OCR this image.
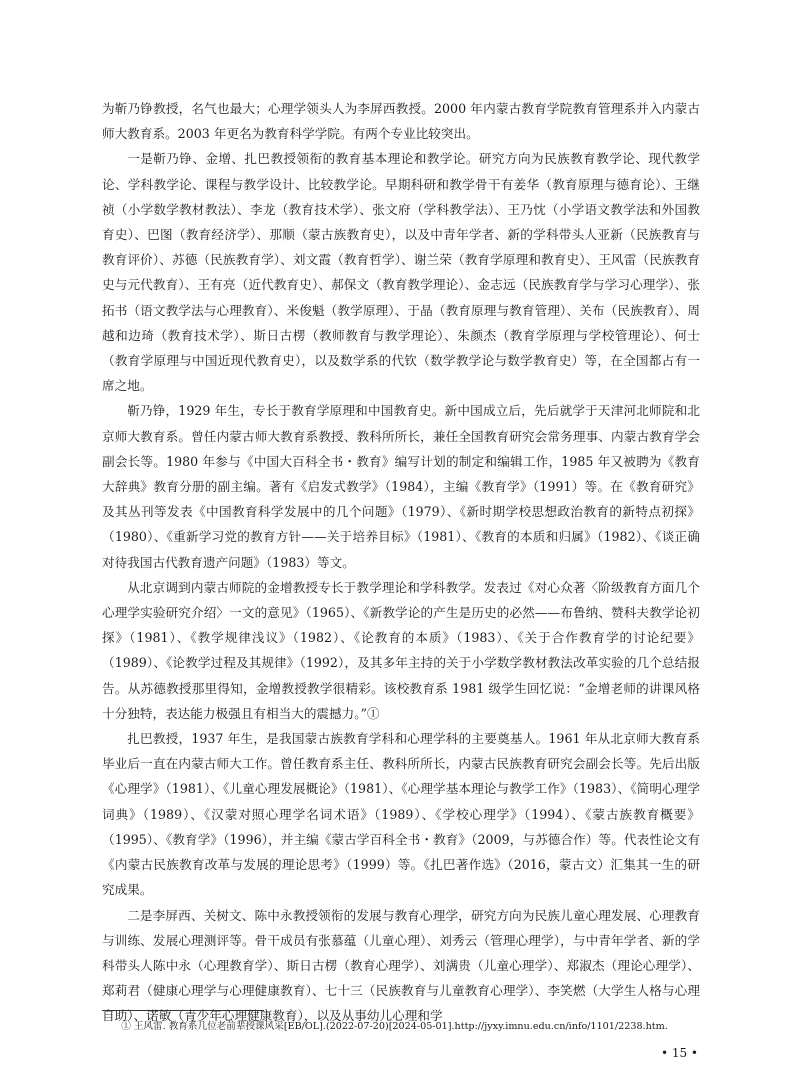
为靳乃铮教授，名气也最大；心理学领头人为李屏西教授。2000 年内蒙古教育学院教育管理系并入内蒙古师大教育系。2003 年更名为教育科学学院。有两个专业比较突出。

一是靳乃铮、金增、扎巴教授领衔的教育基本理论和教学论。研究方向为民族教育教学论、现代教学论、学科教学论、课程与教学设计、比较教学论。早期科研和教学骨干有姜华（教育原理与德育论）、王继祯（小学数学教材教法）、李龙（教育技术学）、张文府（学科教学法）、王乃忱（小学语文教学法和外国教育史）、巴图（教育经济学）、那顺（蒙古族教育史），以及中青年学者、新的学科带头人亚新（民族教育与教育评价）、苏德（民族教育学）、刘文霞（教育哲学）、谢兰荣（教育学原理和教育史）、王风雷（民族教育史与元代教育）、王有亮（近代教育史）、郝保文（教育教学理论）、金志远（民族教育学与学习心理学）、张拓书（语文教学法与心理教育）、米俊魁（教学原理）、于晶（教育原理与教育管理）、关布（民族教育）、周越和边琦（教育技术学）、斯日古楞（教师教育与教学理论）、朱颜杰（教育学原理与学校管理论）、何士（教育学原理与中国近现代教育史），以及数学系的代钦（数学教学论与数学教育史）等，在全国都占有一席之地。

靳乃铮，1929 年生，专长于教育学原理和中国教育史。新中国成立后，先后就学于天津河北师院和北京师大教育系。曾任内蒙古师大教育系教授、教科所所长，兼任全国教育研究会常务理事、内蒙古教育学会副会长等。1980 年参与《中国大百科全书・教育》编写计划的制定和编辑工作，1985 年又被聘为《教育大辞典》教育分册的副主编。著有《启发式教学》（1984），主编《教育学》（1991）等。在《教育研究》及其丛刊等发表《中国教育科学发展中的几个问题》（1979）、《新时期学校思想政治教育的新特点初探》（1980）、《重新学习党的教育方针——关于培养目标》（1981）、《教育的本质和归属》（1982）、《谈正确对待我国古代教育遗产问题》（1983）等文。

从北京调到内蒙古师院的金增教授专长于教学理论和学科教学。发表过《对心众著〈阶级教育方面几个心理学实验研究介绍〉一文的意见》（1965）、《新教学论的产生是历史的必然——布鲁纳、赞科夫教学论初探》（1981）、《教学规律浅议》（1982）、《论教育的本质》（1983）、《关于合作教育学的讨论纪要》（1989）、《论教学过程及其规律》（1992），及其多年主持的关于小学数学教材教法改革实验的几个总结报告。从苏德教授那里得知，金增教授教学很精彩。该校教育系 1981 级学生回忆说：“金增老师的讲课风格十分独特，表达能力极强且有相当大的震撼力。”①

扎巴教授，1937 年生，是我国蒙古族教育学科和心理学科的主要奠基人。1961 年从北京师大教育系毕业后一直在内蒙古师大工作。曾任教育系主任、教科所所长，内蒙古民族教育研究会副会长等。先后出版《心理学》（1981）、《儿童心理发展概论》（1981）、《心理学基本理论与教学工作》（1983）、《简明心理学词典》（1989）、《汉蒙对照心理学名词术语》（1989）、《学校心理学》（1994）、《蒙古族教育概要》（1995）、《教育学》（1996），并主编《蒙古学百科全书・教育》（2009，与苏德合作）等。代表性论文有《内蒙古民族教育改革与发展的理论思考》（1999）等。《扎巴著作选》（2016，蒙古文）汇集其一生的研究成果。

二是李屏西、关树文、陈中永教授领衔的发展与教育心理学，研究方向为民族儿童心理发展、心理教育与训练、发展心理测评等。骨干成员有张慕蕴（儿童心理）、刘秀云（管理心理学），与中青年学者、新的学科带头人陈中永（心理教育学）、斯日古楞（教育心理学）、刘满贵（儿童心理学）、郑淑杰（理论心理学）、郑莉君（健康心理学与心理健康教育）、七十三（民族教育与儿童教育心理学）、李笑燃（大学生人格与心理自助）、诺敏（青少年心理健康教育），以及从事幼儿心理和学

① 王风雷. 教育系几位老前辈授课风采[EB/OL].(2022-07-20)[2024-05-01].http://jyxy.imnu.edu.cn/info/1101/2238.htm.

• 15 •
